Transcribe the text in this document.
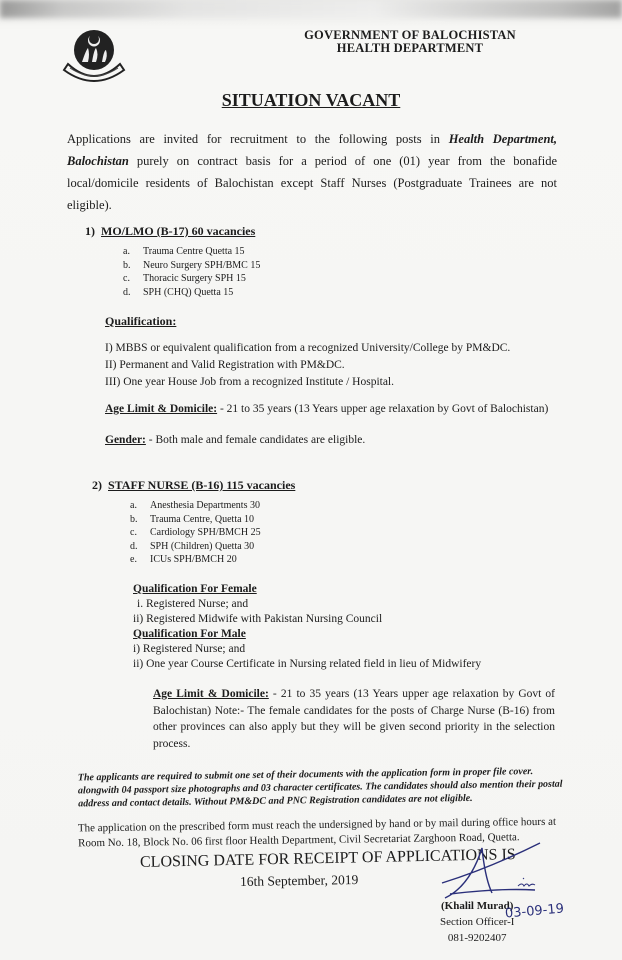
GOVERNMENT OF BALOCHISTAN
HEALTH DEPARTMENT
SITUATION VACANT
Applications are invited for recruitment to the following posts in Health Department, Balochistan purely on contract basis for a period of one (01) year from the bonafide local/domicile residents of Balochistan except Staff Nurses (Postgraduate Trainees are not eligible).
1) MO/LMO (B-17) 60 vacancies
a.	Trauma Centre Quetta 15
b.	Neuro Surgery SPH/BMC 15
c.	Thoracic Surgery SPH 15
d.	SPH (CHQ) Quetta 15
Qualification:
I) MBBS or equivalent qualification from a recognized University/College by PM&DC.
II) Permanent and Valid Registration with PM&DC.
III) One year House Job from a recognized Institute / Hospital.
Age Limit & Domicile: - 21 to 35 years (13 Years upper age relaxation by Govt of Balochistan)
Gender: - Both male and female candidates are eligible.
2) STAFF NURSE (B-16) 115 vacancies
a.	Anesthesia Departments 30
b.	Trauma Centre, Quetta 10
c.	Cardiology SPH/BMCH 25
d.	SPH (Children) Quetta 30
e.	ICUs SPH/BMCH 20
Qualification For Female
i. Registered Nurse; and
ii) Registered Midwife with Pakistan Nursing Council
Qualification For Male
i) Registered Nurse; and
ii) One year Course Certificate in Nursing related field in lieu of Midwifery
Age Limit & Domicile: - 21 to 35 years (13 Years upper age relaxation by Govt of Balochistan) Note:- The female candidates for the posts of Charge Nurse (B-16) from other provinces can also apply but they will be given second priority in the selection process.
The applicants are required to submit one set of their documents with the application form in proper file cover. alongwith 04 passport size photographs and 03 character certificates. The candidates should also mention their postal address and contact details. Without PM&DC and PNC Registration candidates are not eligible.
The application on the prescribed form must reach the undersigned by hand or by mail during office hours at Room No. 18, Block No. 06 first floor Health Department, Civil Secretariat Zarghoon Road, Quetta.
CLOSING DATE FOR RECEIPT OF APPLICATIONS IS
16th September, 2019
(Khalil Murad)
Section Officer-I
081-9202407
03-09-19
